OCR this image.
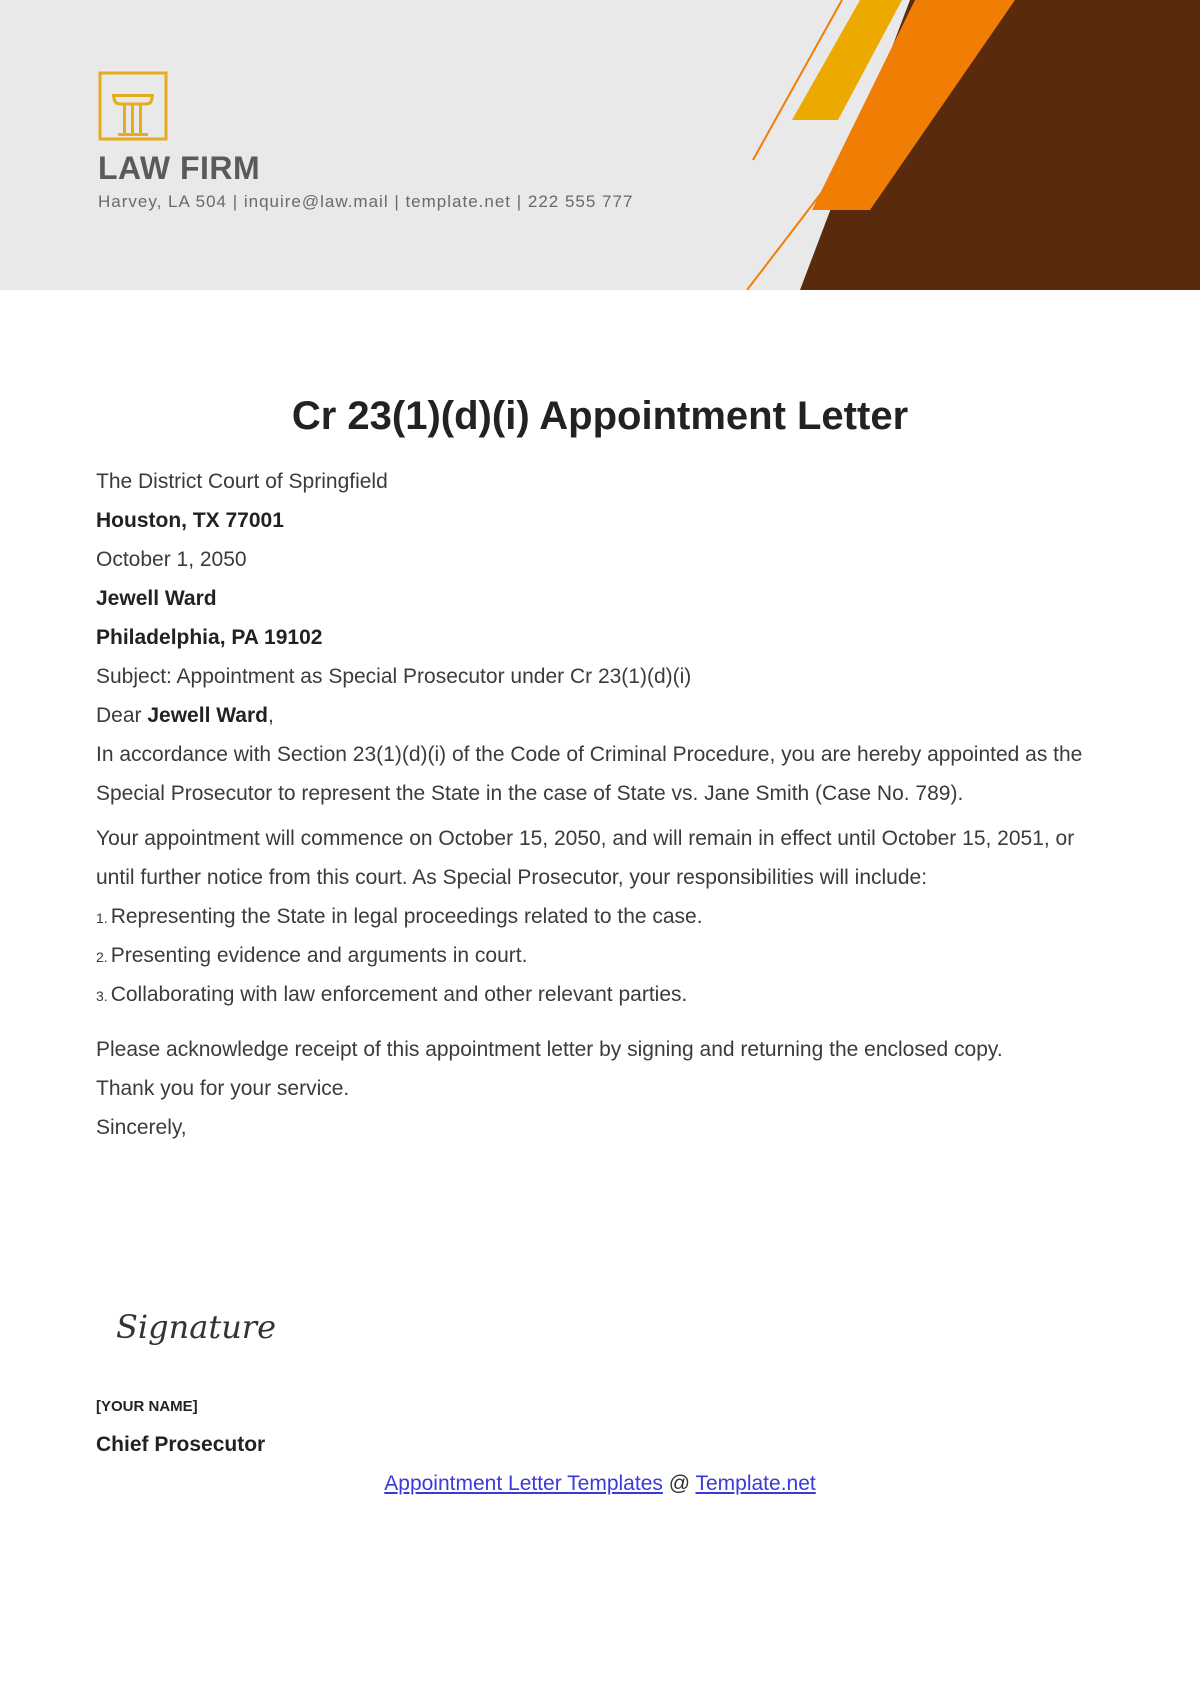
LAW FIRM
Harvey, LA 504 | inquire@law.mail | template.net | 222 555 777
Cr 23(1)(d)(i) Appointment Letter
The District Court of Springfield
Houston, TX 77001
October 1, 2050
Jewell Ward
Philadelphia, PA 19102
Subject: Appointment as Special Prosecutor under Cr 23(1)(d)(i)
Dear Jewell Ward,
In accordance with Section 23(1)(d)(i) of the Code of Criminal Procedure, you are hereby appointed as the Special Prosecutor to represent the State in the case of State vs. Jane Smith (Case No. 789).
Your appointment will commence on October 15, 2050, and will remain in effect until October 15, 2051, or until further notice from this court. As Special Prosecutor, your responsibilities will include:
1. Representing the State in legal proceedings related to the case.
2. Presenting evidence and arguments in court.
3. Collaborating with law enforcement and other relevant parties.
Please acknowledge receipt of this appointment letter by signing and returning the enclosed copy.
Thank you for your service.
Sincerely,
Signature
[YOUR NAME]
Chief Prosecutor
Appointment Letter Templates @ Template.net
